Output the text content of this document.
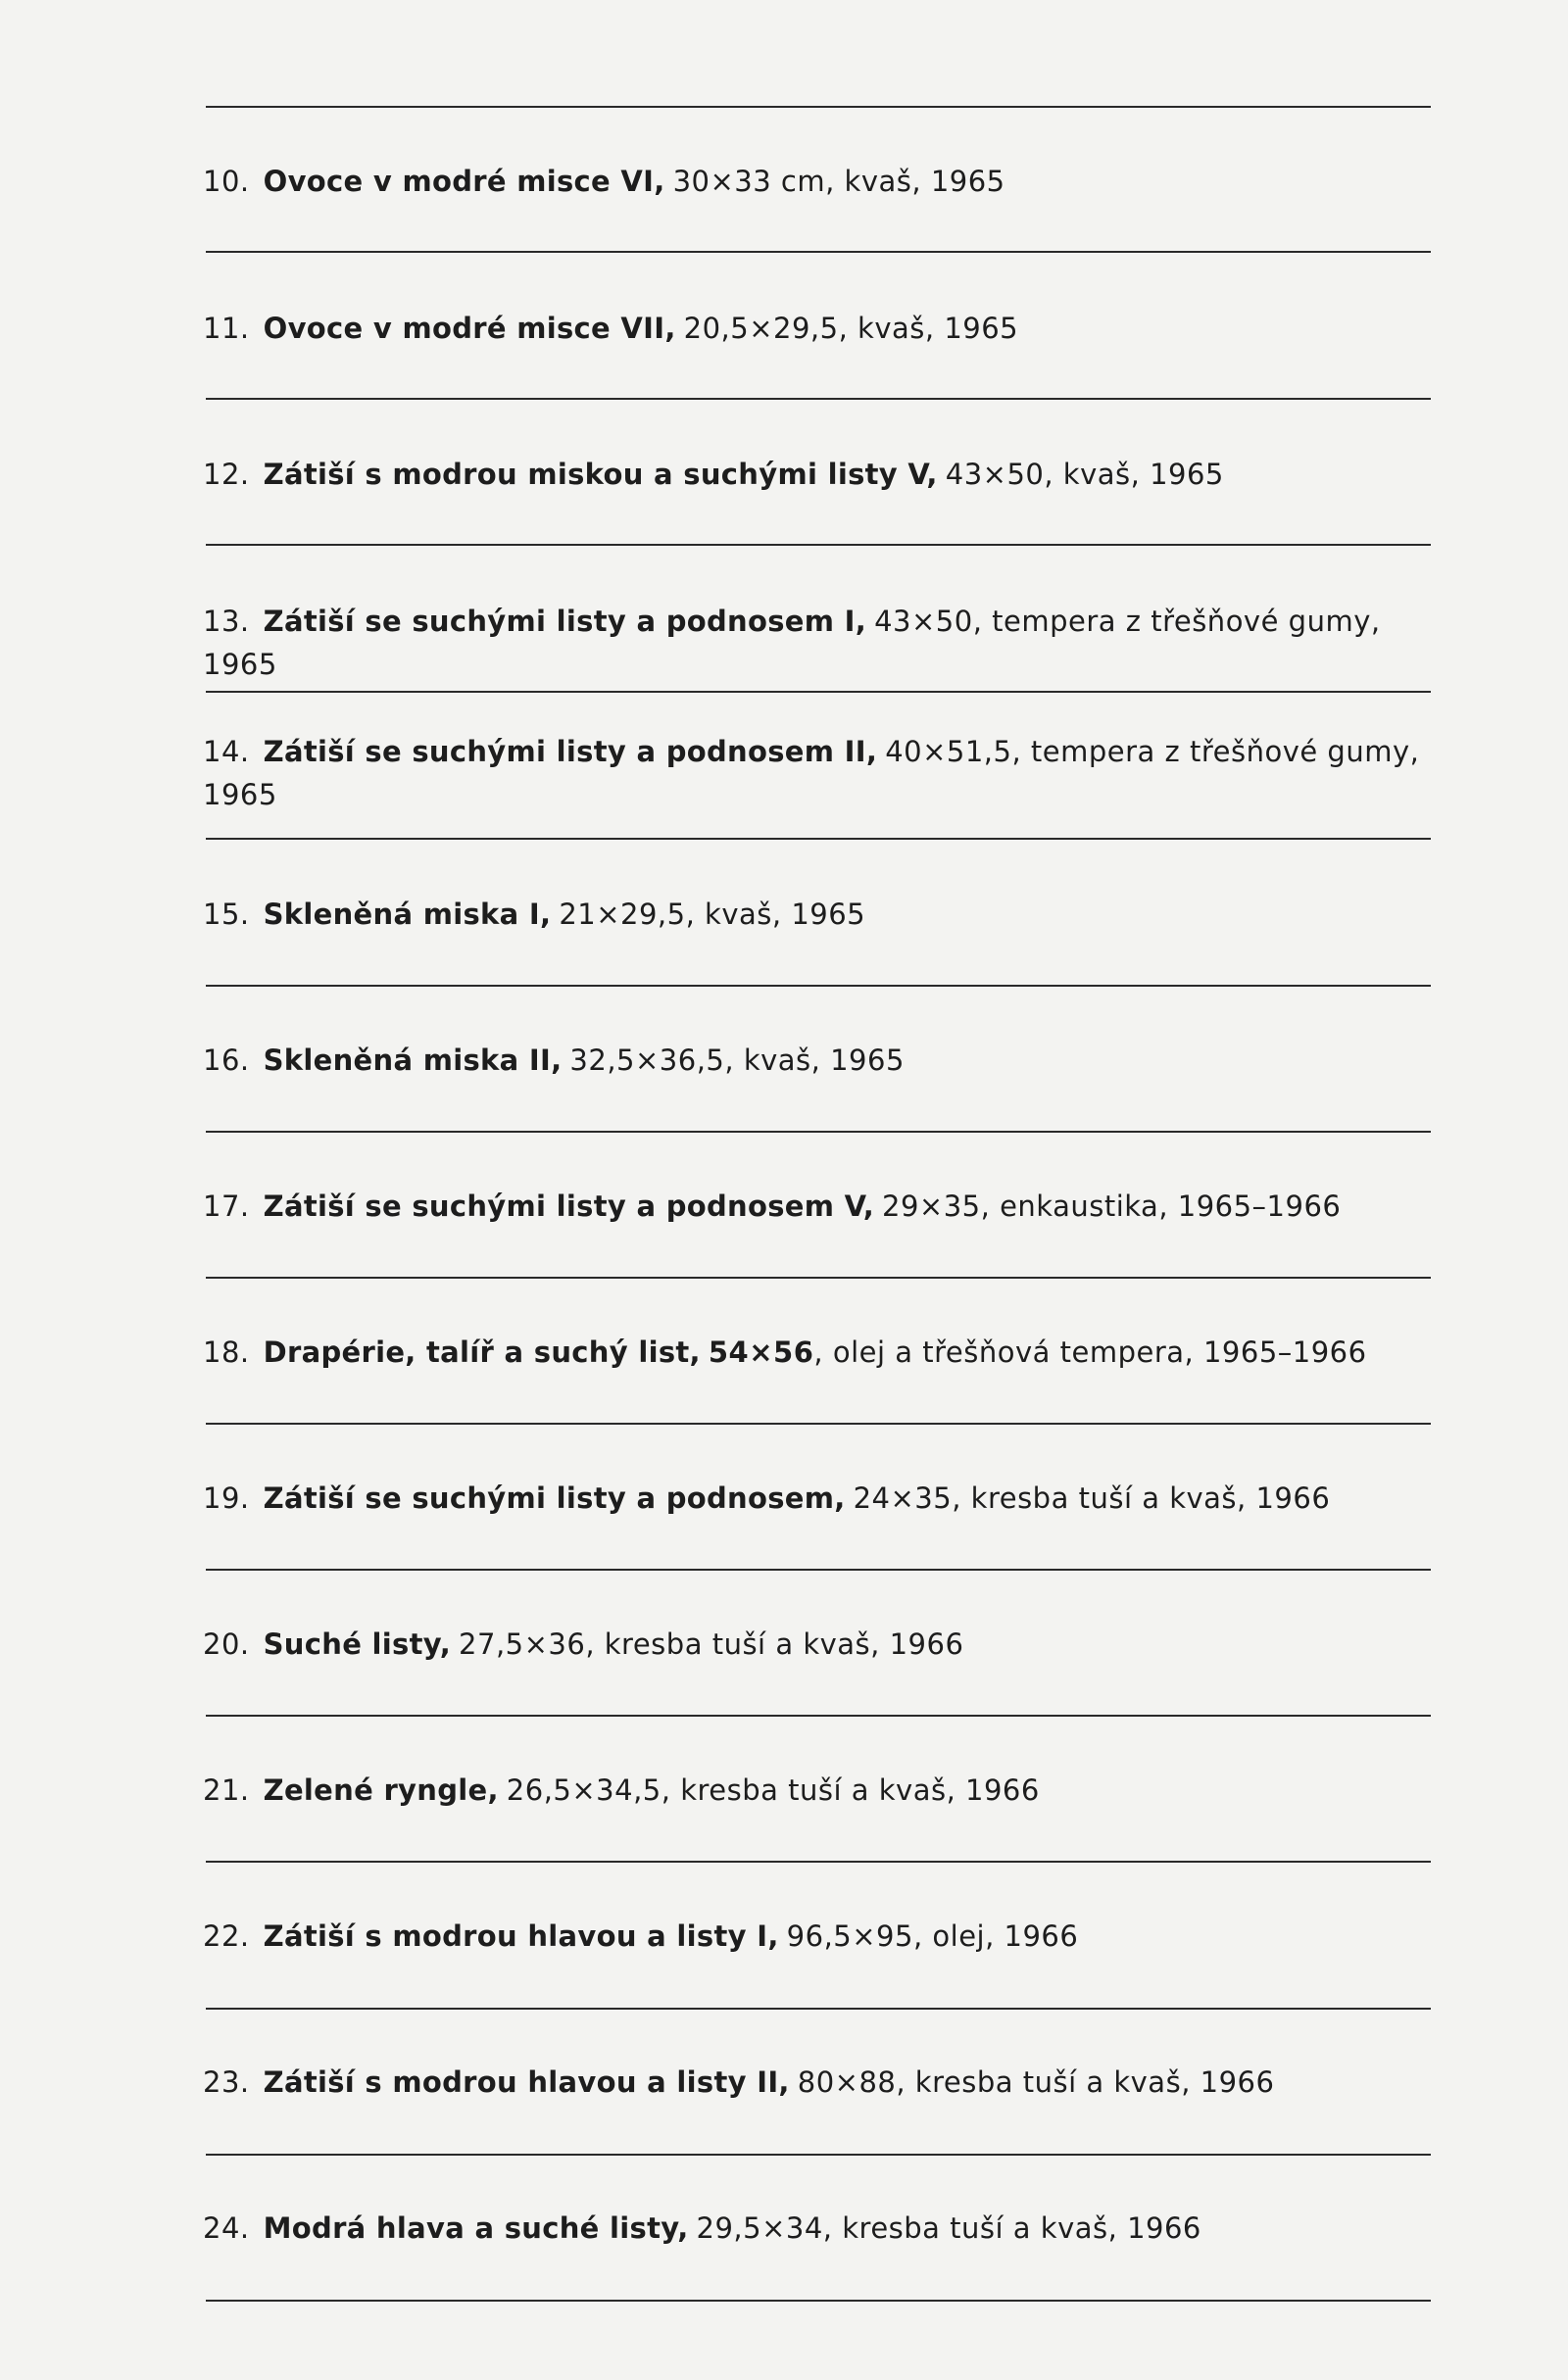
10. Ovoce v modré misce VI , 30×33 cm, kvaš, 1965
11. Ovoce v modré misce VII , 20,5×29,5, kvaš, 1965
12. Zátiší s modrou miskou a suchými listy V , 43×50, kvaš, 1965
13. Zátiší se suchými listy a podnosem I , 43×50, tempera z třešňové gumy, 1965
14. Zátiší se suchými listy a podnosem II , 40×51,5, tempera z třešňové gumy,
1965
15. Skleněná miska I , 21×29,5, kvaš, 1965
16. Skleněná miska II , 32,5×36,5, kvaš, 1965
17. Zátiší se suchými listy a podnosem V , 29×35, enkaustika, 1965–1966
18. Drapérie, talíř a suchý list , 54×56, olej a třešňová tempera, 1965–1966
19. Zátiší se suchými listy a podnosem , 24×35, kresba tuší a kvaš, 1966
20. Suché listy , 27,5×36, kresba tuší a kvaš, 1966
21. Zelené ryngle , 26,5×34,5, kresba tuší a kvaš, 1966
22. Zátiší s modrou hlavou a listy I , 96,5×95, olej, 1966
23. Zátiší s modrou hlavou a listy II , 80×88, kresba tuší a kvaš, 1966
24. Modrá hlava a suché listy , 29,5×34, kresba tuší a kvaš, 1966
